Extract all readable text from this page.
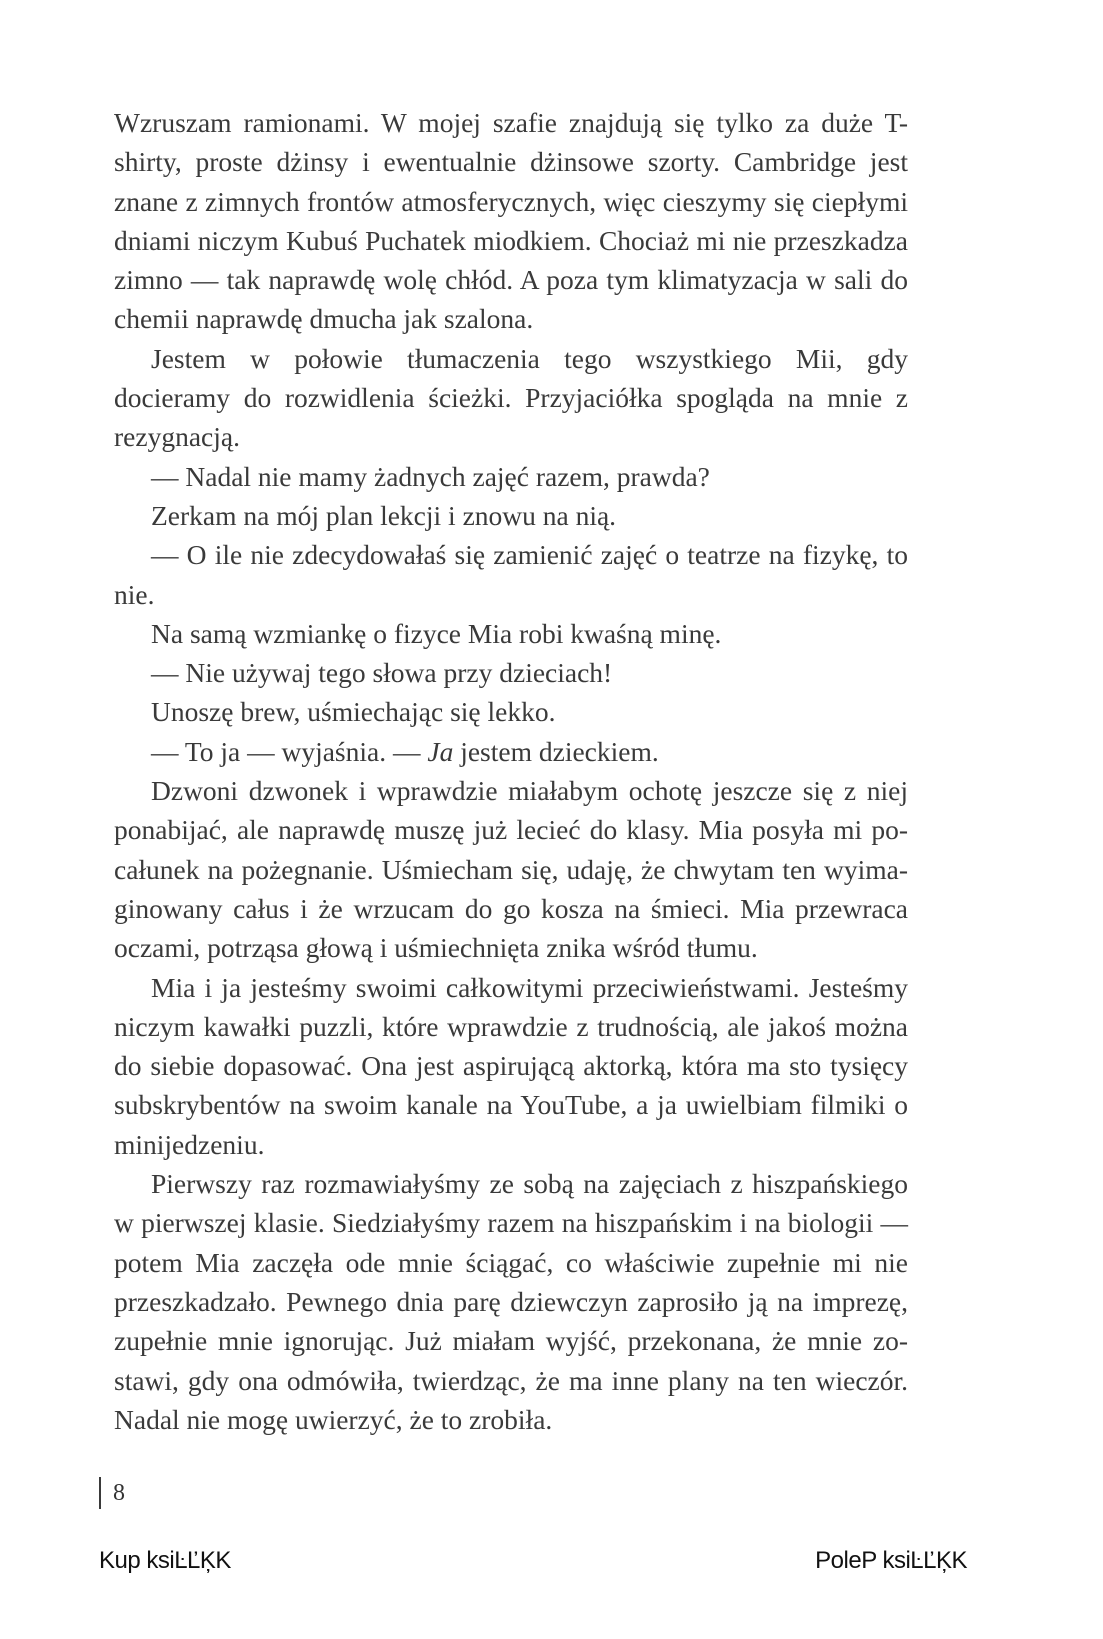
Wzruszam ramionami. W mojej szafie znajdują się tylko za duże T-shirty, proste dżinsy i ewentualnie dżinsowe szorty. Cambridge jest znane z zimnych frontów atmosferycznych, więc cieszymy się ciepłymi dniami niczym Kubuś Puchatek miodkiem. Chociaż mi nie przeszkadza zimno — tak naprawdę wolę chłód. A poza tym klimatyzacja w sali do chemii naprawdę dmucha jak szalona.

Jestem w połowie tłumaczenia tego wszystkiego Mii, gdy docieramy do rozwidlenia ścieżki. Przyjaciółka spogląda na mnie z rezygnacją.

— Nadal nie mamy żadnych zajęć razem, prawda?

Zerkam na mój plan lekcji i znowu na nią.

— O ile nie zdecydowałaś się zamienić zajęć o teatrze na fizykę, to nie.

Na samą wzmiankę o fizyce Mia robi kwaśną minę.

— Nie używaj tego słowa przy dzieciach!

Unoszę brew, uśmiechając się lekko.

— To ja — wyjaśnia. — Ja jestem dzieckiem.

Dzwoni dzwonek i wprawdzie miałabym ochotę jeszcze się z niej ponabijać, ale naprawdę muszę już lecieć do klasy. Mia posyła mi pocałunek na pożegnanie. Uśmiecham się, udaję, że chwytam ten wyimaginowany całus i że wrzucam do go kosza na śmieci. Mia przewraca oczami, potrząsa głową i uśmiechnięta znika wśród tłumu.

Mia i ja jesteśmy swoimi całkowitymi przeciwieństwami. Jesteśmy niczym kawałki puzzli, które wprawdzie z trudnością, ale jakoś można do siebie dopasować. Ona jest aspirującą aktorką, która ma sto tysięcy subskrybentów na swoim kanale na YouTube, a ja uwielbiam filmiki o minijedzeniu.

Pierwszy raz rozmawiałyśmy ze sobą na zajęciach z hiszpańskiego w pierwszej klasie. Siedziałyśmy razem na hiszpańskim i na biologii — potem Mia zaczęła ode mnie ściągać, co właściwie zupełnie mi nie przeszkadzało. Pewnego dnia parę dziewczyn zaprosiło ją na imprezę, zupełnie mnie ignorując. Już miałam wyjść, przekonana, że mnie zostawi, gdy ona odmówiła, twierdząc, że ma inne plany na ten wieczór. Nadal nie mogę uwierzyć, że to zrobiła.

8
Kup ksiĿĽĶK	PoleP ksiĿĽĶK
